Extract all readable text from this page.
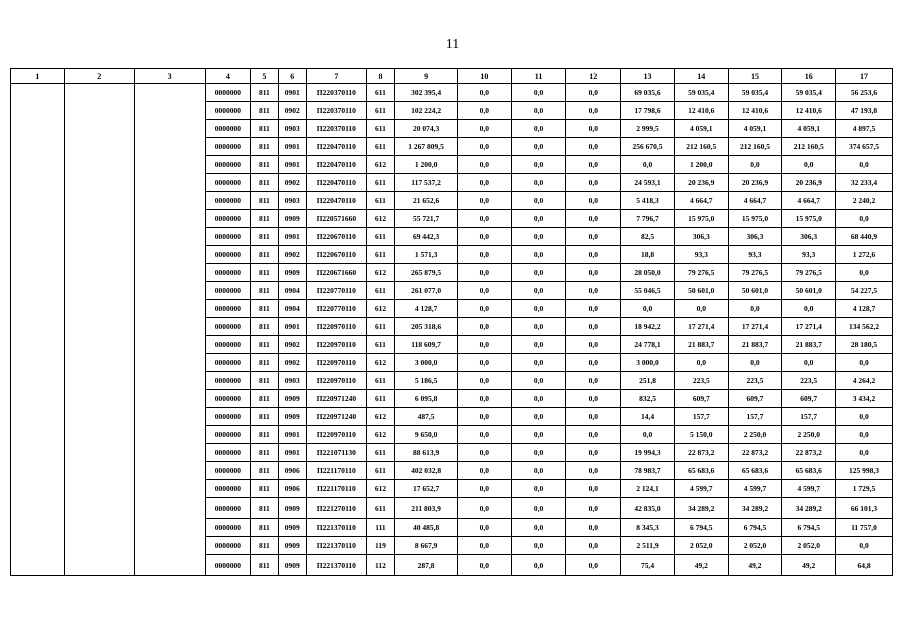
11
1	2	3	4	5	6	7	8	9	10	11	12	13	14	15	16	17
			0000000	811	0901	П220370110	611	302 395,4	0,0	0,0	0,0	69 035,6	59 035,4	59 035,4	59 035,4	56 253,6
			0000000	811	0902	П220370110	611	102 224,2	0,0	0,0	0,0	17 798,6	12 410,6	12 410,6	12 410,6	47 193,8
			0000000	811	0903	П220370110	611	20 074,3	0,0	0,0	0,0	2 999,5	4 059,1	4 059,1	4 059,1	4 897,5
			0000000	811	0901	П220470110	611	1 267 809,5	0,0	0,0	0,0	256 670,5	212 160,5	212 160,5	212 160,5	374 657,5
			0000000	811	0901	П220470110	612	1 200,0	0,0	0,0	0,0	0,0	1 200,0	0,0	0,0	0,0
			0000000	811	0902	П220470110	611	117 537,2	0,0	0,0	0,0	24 593,1	20 236,9	20 236,9	20 236,9	32 233,4
			0000000	811	0903	П220470110	611	21 652,6	0,0	0,0	0,0	5 418,3	4 664,7	4 664,7	4 664,7	2 240,2
			0000000	811	0909	П220571660	612	55 721,7	0,0	0,0	0,0	7 796,7	15 975,0	15 975,0	15 975,0	0,0
			0000000	811	0901	П220670110	611	69 442,3	0,0	0,0	0,0	82,5	306,3	306,3	306,3	68 440,9
			0000000	811	0902	П220670110	611	1 571,3	0,0	0,0	0,0	18,8	93,3	93,3	93,3	1 272,6
			0000000	811	0909	П220671660	612	265 879,5	0,0	0,0	0,0	28 050,0	79 276,5	79 276,5	79 276,5	0,0
			0000000	811	0904	П220770110	611	261 077,0	0,0	0,0	0,0	55 046,5	50 601,0	50 601,0	50 601,0	54 227,5
			0000000	811	0904	П220770110	612	4 128,7	0,0	0,0	0,0	0,0	0,0	0,0	0,0	4 128,7
			0000000	811	0901	П220970110	611	205 318,6	0,0	0,0	0,0	18 942,2	17 271,4	17 271,4	17 271,4	134 562,2
			0000000	811	0902	П220970110	611	118 609,7	0,0	0,0	0,0	24 778,1	21 883,7	21 883,7	21 883,7	28 180,5
			0000000	811	0902	П220970110	612	3 000,0	0,0	0,0	0,0	3 000,0	0,0	0,0	0,0	0,0
			0000000	811	0903	П220970110	611	5 186,5	0,0	0,0	0,0	251,8	223,5	223,5	223,5	4 264,2
			0000000	811	0909	П220971240	611	6 095,8	0,0	0,0	0,0	832,5	609,7	609,7	609,7	3 434,2
			0000000	811	0909	П220971240	612	487,5	0,0	0,0	0,0	14,4	157,7	157,7	157,7	0,0
			0000000	811	0901	П220970110	612	9 650,0	0,0	0,0	0,0	0,0	5 150,0	2 250,0	2 250,0	0,0
			0000000	811	0901	П221071130	611	88 613,9	0,0	0,0	0,0	19 994,3	22 873,2	22 873,2	22 873,2	0,0
			0000000	811	0906	П221170110	611	402 032,8	0,0	0,0	0,0	78 983,7	65 683,6	65 683,6	65 683,6	125 998,3
			0000000	811	0906	П221170110	612	17 652,7	0,0	0,0	0,0	2 124,1	4 599,7	4 599,7	4 599,7	1 729,5
			0000000	811	0909	П221270110	611	211 803,9	0,0	0,0	0,0	42 835,0	34 289,2	34 289,2	34 289,2	66 101,3
			0000000	811	0909	П221370110	111	40 485,8	0,0	0,0	0,0	8 345,3	6 794,5	6 794,5	6 794,5	11 757,0
			0000000	811	0909	П221370110	119	8 667,9	0,0	0,0	0,0	2 511,9	2 052,0	2 052,0	2 052,0	0,0
			0000000	811	0909	П221370110	112	287,8	0,0	0,0	0,0	75,4	49,2	49,2	49,2	64,8
